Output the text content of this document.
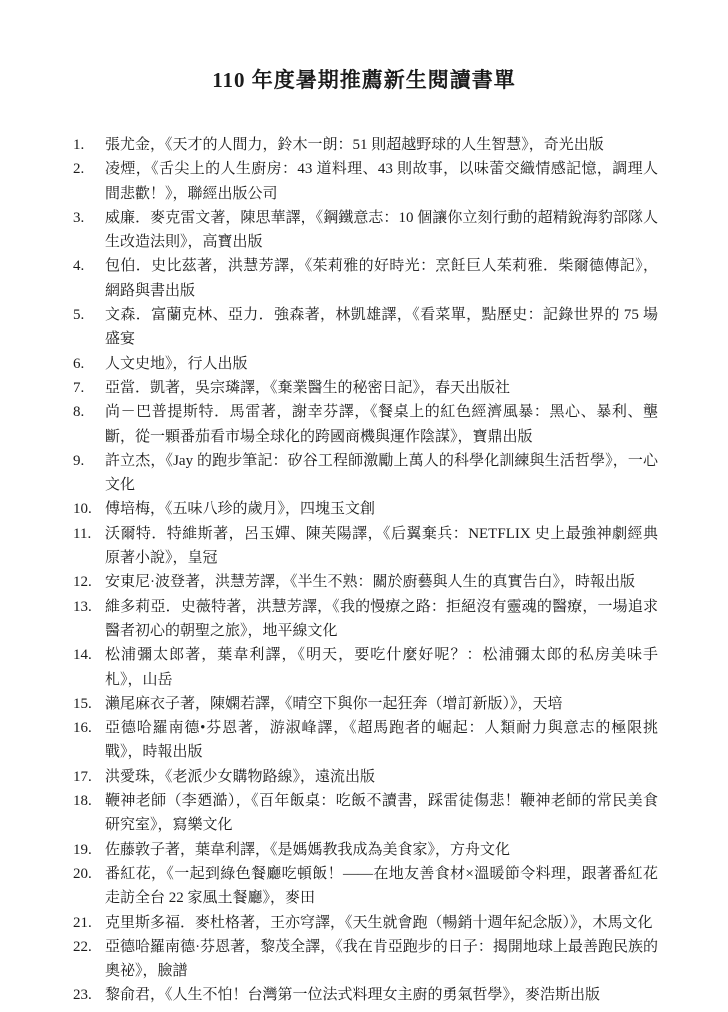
110 年度暑期推薦新生閱讀書單
1.	張尤金，《天才的人間力，鈴木一朗：51 則超越野球的人生智慧》，奇光出版
2.	凌煙，《舌尖上的人生廚房：43 道料理、43 則故事，以味蕾交織情感記憶，調理人間悲歡！》，聯經出版公司
3.	威廉．麥克雷文著，陳思華譯，《鋼鐵意志：10 個讓你立刻行動的超精銳海豹部隊人生改造法則》，高寶出版
4.	包伯．史比茲著，洪慧芳譯，《茱莉雅的好時光：烹飪巨人茱莉雅．柴爾德傳記》，網路與書出版
5.	文森．富蘭克林、亞力．強森著，林凱雄譯，《看菜單，點歷史：記錄世界的 75 場盛宴
6.	人文史地》，行人出版
7.	亞當．凱著，吳宗璘譯，《棄業醫生的秘密日記》，春天出版社
8.	尚－巴普提斯特．馬雷著，謝幸芬譯，《餐桌上的紅色經濟風暴：黑心、暴利、壟斷，從一顆番茄看市場全球化的跨國商機與運作陰謀》，寶鼎出版
9.	許立杰，《Jay 的跑步筆記：矽谷工程師激勵上萬人的科學化訓練與生活哲學》，一心文化
10. 傅培梅，《五味八珍的歲月》，四塊玉文創
11. 沃爾特．特維斯著，呂玉嬋、陳芙陽譯，《后翼棄兵：NETFLIX 史上最強神劇經典原著小說》，皇冠
12. 安東尼·波登著，洪慧芳譯，《半生不熟：關於廚藝與人生的真實告白》，時報出版
13. 維多莉亞．史薇特著，洪慧芳譯，《我的慢療之路：拒絕沒有靈魂的醫療，一場追求醫者初心的朝聖之旅》，地平線文化
14. 松浦彌太郎著，葉韋利譯，《明天，要吃什麼好呢？：松浦彌太郎的私房美味手札》，山岳
15. 瀨尾麻衣子著，陳嫻若譯，《晴空下與你一起狂奔（增訂新版）》，天培
16. 亞德哈羅南德•芬恩著，游淑峰譯，《超馬跑者的崛起：人類耐力與意志的極限挑戰》，時報出版
17. 洪愛珠，《老派少女購物路線》，遠流出版
18. 鞭神老師（李廼澔），《百年飯桌：吃飯不讀書，踩雷徒傷悲！鞭神老師的常民美食研究室》，寫樂文化
19. 佐藤敦子著，葉韋利譯，《是媽媽教我成為美食家》，方舟文化
20. 番紅花，《一起到綠色餐廳吃頓飯！——在地友善食材×溫暖節令料理，跟著番紅花走訪全台 22 家風土餐廳》，麥田
21. 克里斯多福．麥杜格著，王亦穹譯，《天生就會跑（暢銷十週年紀念版）》，木馬文化
22. 亞德哈羅南德·芬恩著，黎茂全譯，《我在肯亞跑步的日子：揭開地球上最善跑民族的奧祕》，臉譜
23. 黎俞君，《人生不怕！台灣第一位法式料理女主廚的勇氣哲學》，麥浩斯出版
